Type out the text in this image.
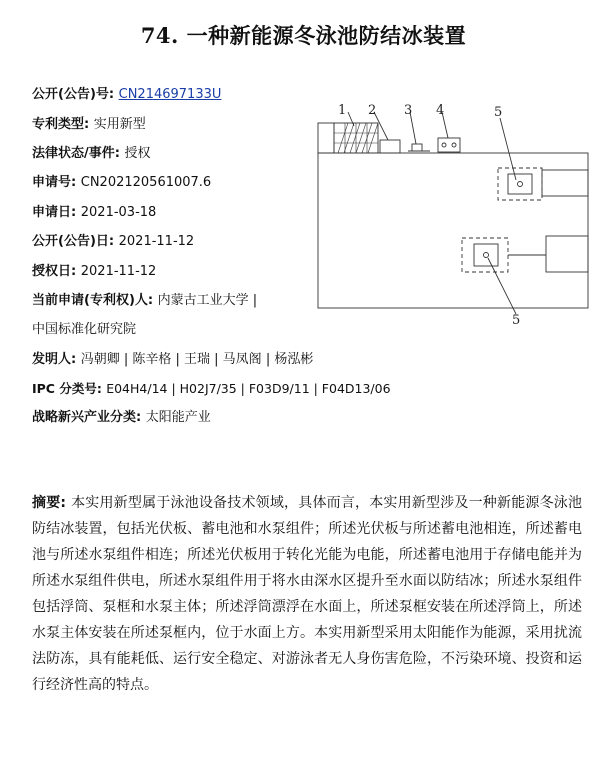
74. 一种新能源冬泳池防结冰装置
公开(公告)号: CN214697133U
专利类型: 实用新型
法律状态/事件: 授权
申请号: CN202120561007.6
申请日: 2021-03-18
公开(公告)日: 2021-11-12
授权日: 2021-11-12
当前申请(专利权)人: 内蒙古工业大学 |
中国标准化研究院
发明人: 冯朝卿 | 陈辛格 | 王瑞 | 马凤阁 | 杨泓彬
IPC 分类号: E04H4/14 | H02J7/35 | F03D9/11 | F04D13/06
战略新兴产业分类: 太阳能产业
1 2 3 4	5
5
摘要: 本实用新型属于泳池设备技术领域，具体而言，本实用新型涉及一种新能源冬泳池防结冰装置，包括光伏板、蓄电池和水泵组件；所述光伏板与所述蓄电池相连，所述蓄电池与所述水泵组件相连；所述光伏板用于转化光能为电能，所述蓄电池用于存储电能并为所述水泵组件供电，所述水泵组件用于将水由深水区提升至水面以防结冰；所述水泵组件包括浮筒、泵框和水泵主体；所述浮筒漂浮在水面上，所述泵框安装在所述浮筒上，所述水泵主体安装在所述泵框内，位于水面上方。本实用新型采用太阳能作为能源，采用扰流法防冻，具有能耗低、运行安全稳定、对游泳者无人身伤害危险，不污染环境、投资和运行经济性高的特点。
